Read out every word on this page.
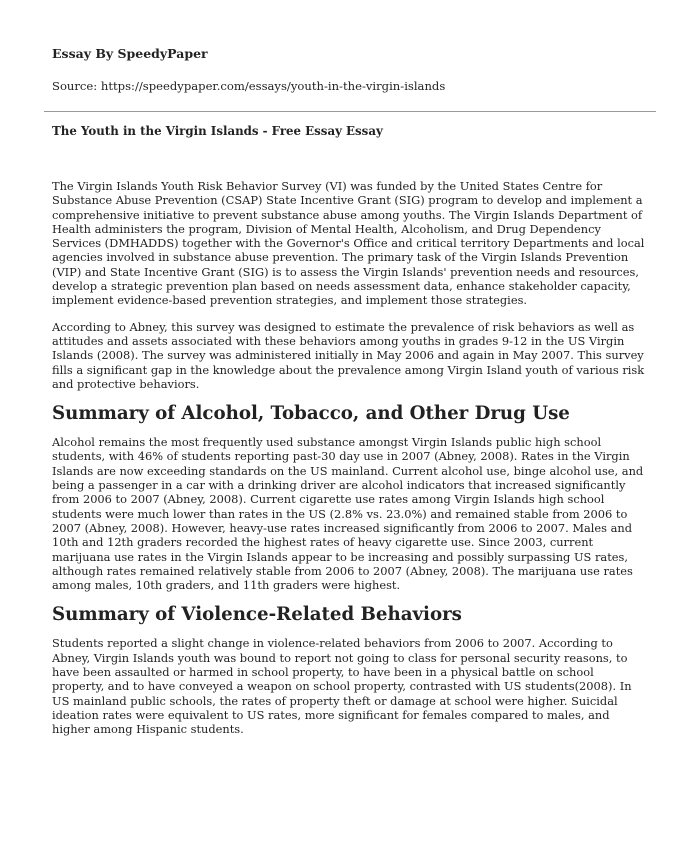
Essay By SpeedyPaper
Source: https://speedypaper.com/essays/youth-in-the-virgin-islands
The Youth in the Virgin Islands - Free Essay Essay

The Virgin Islands Youth Risk Behavior Survey (VI) was funded by the United States Centre for Substance Abuse Prevention (CSAP) State Incentive Grant (SIG) program to develop and implement a comprehensive initiative to prevent substance abuse among youths. The Virgin Islands Department of Health administers the program, Division of Mental Health, Alcoholism, and Drug Dependency Services (DMHADDS) together with the Governor's Office and critical territory Departments and local agencies involved in substance abuse prevention. The primary task of the Virgin Islands Prevention (VIP) and State Incentive Grant (SIG) is to assess the Virgin Islands' prevention needs and resources, develop a strategic prevention plan based on needs assessment data, enhance stakeholder capacity, implement evidence-based prevention strategies, and implement those strategies.

According to Abney, this survey was designed to estimate the prevalence of risk behaviors as well as attitudes and assets associated with these behaviors among youths in grades 9-12 in the US Virgin Islands (2008). The survey was administered initially in May 2006 and again in May 2007. This survey fills a significant gap in the knowledge about the prevalence among Virgin Island youth of various risk and protective behaviors.

Summary of Alcohol, Tobacco, and Other Drug Use

Alcohol remains the most frequently used substance amongst Virgin Islands public high school students, with 46% of students reporting past-30 day use in 2007 (Abney, 2008). Rates in the Virgin Islands are now exceeding standards on the US mainland. Current alcohol use, binge alcohol use, and being a passenger in a car with a drinking driver are alcohol indicators that increased significantly from 2006 to 2007 (Abney, 2008). Current cigarette use rates among Virgin Islands high school students were much lower than rates in the US (2.8% vs. 23.0%) and remained stable from 2006 to 2007 (Abney, 2008). However, heavy-use rates increased significantly from 2006 to 2007. Males and 10th and 12th graders recorded the highest rates of heavy cigarette use. Since 2003, current marijuana use rates in the Virgin Islands appear to be increasing and possibly surpassing US rates, although rates remained relatively stable from 2006 to 2007 (Abney, 2008). The marijuana use rates among males, 10th graders, and 11th graders were highest.

Summary of Violence-Related Behaviors

Students reported a slight change in violence-related behaviors from 2006 to 2007. According to Abney, Virgin Islands youth was bound to report not going to class for personal security reasons, to have been assaulted or harmed in school property, to have been in a physical battle on school property, and to have conveyed a weapon on school property, contrasted with US students(2008). In US mainland public schools, the rates of property theft or damage at school were higher. Suicidal ideation rates were equivalent to US rates, more significant for females compared to males, and higher among Hispanic students.
